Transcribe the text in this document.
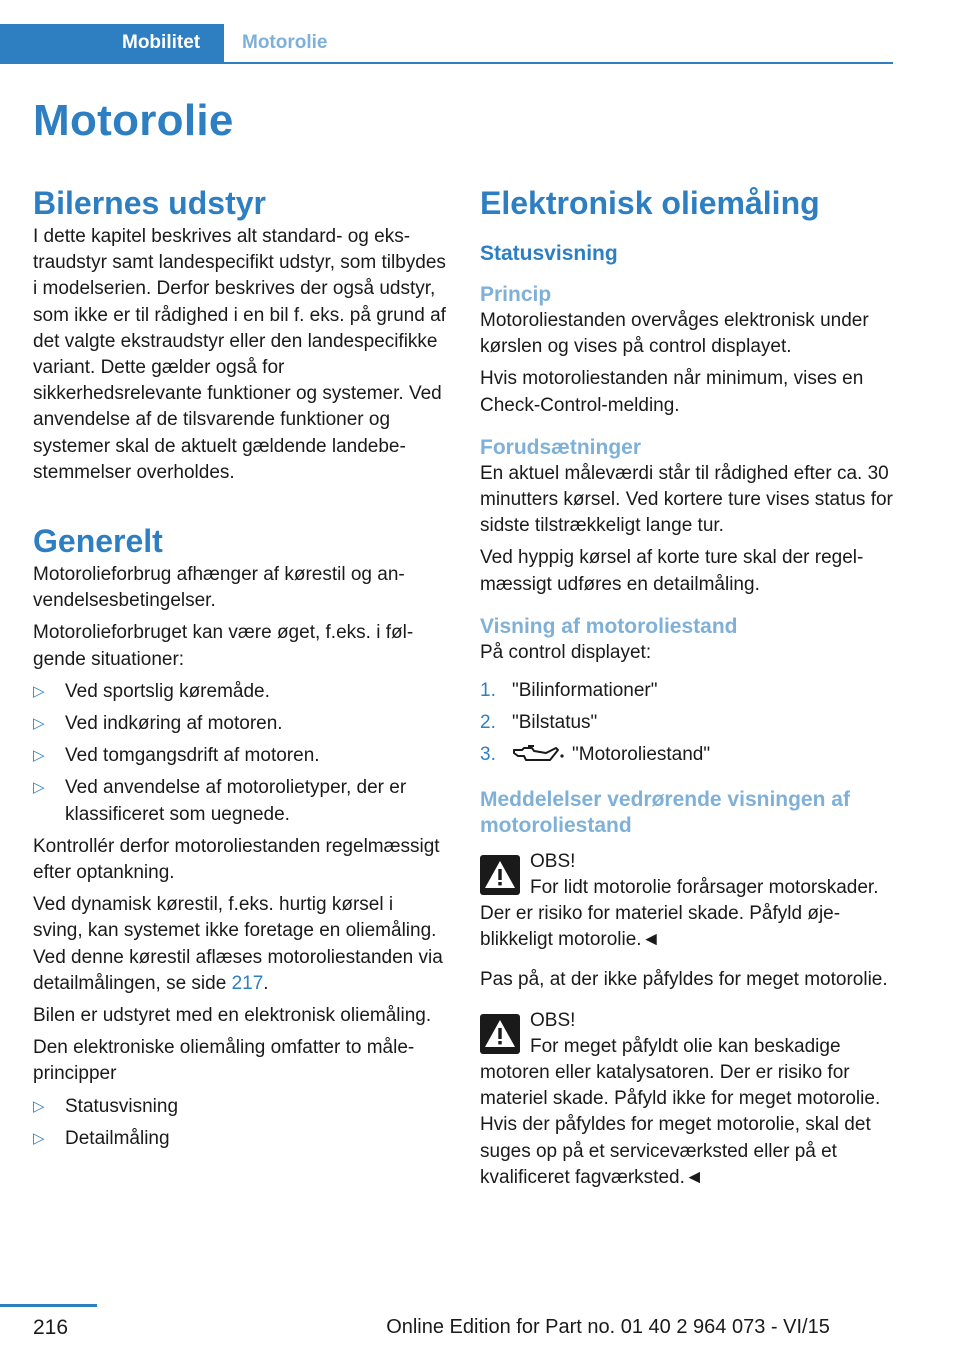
Mobilitet Motorolie
Motorolie
Bilernes udstyr

I dette kapitel beskrives alt standard- og ekstraudstyr samt landespecifikt udstyr, som tilbydes i modelserien. Derfor beskrives der også udstyr, som ikke er til rådighed i en bil f. eks. på grund af det valgte ekstraudstyr eller den landespecifikke variant. Dette gælder også for sikkerhedsrelevante funktioner og systemer. Ved anvendelse af de tilsvarende funktioner og systemer skal de aktuelt gældende landebestemmelser overholdes.

Generelt

Motorolieforbrug afhænger af kørestil og anvendelsesbetingelser.

Motorolieforbruget kan være øget, f.eks. i følgende situationer:

▷ Ved sportslig køremåde.
▷ Ved indkøring af motoren.
▷ Ved tomgangsdrift af motoren.
▷ Ved anvendelse af motorolietyper, der er klassificeret som uegnede.

Kontrollér derfor motoroliestanden regelmæssigt efter optankning.

Ved dynamisk kørestil, f.eks. hurtig kørsel i sving, kan systemet ikke foretage en oliemåling. Ved denne kørestil aflæses motoroliestanden via detailmålingen, se side 217.

Bilen er udstyret med en elektronisk oliemåling.

Den elektroniske oliemåling omfatter to måleprincipper

▷ Statusvisning
▷ Detailmåling
Elektronisk oliemåling
Statusvisning
Princip

Motoroliestanden overvåges elektronisk under kørslen og vises på control displayet.

Hvis motoroliestanden når minimum, vises en Check-Control-melding.

Forudsætninger

En aktuel måleværdi står til rådighed efter ca. 30 minutters kørsel. Ved kortere ture vises status for sidste tilstrækkeligt lange tur.

Ved hyppig kørsel af korte ture skal der regelmæssigt udføres en detailmåling.

Visning af motoroliestand

På control displayet:

1. "Bilinformationer"
2. "Bilstatus"
3.	"Motoroliestand"
Meddelelser vedrørende visningen af motoroliestand
OBS!
For lidt motorolie forårsager motorskader. Der er risiko for materiel skade. Påfyld øjeblikkeligt motorolie.◄

Pas på, at der ikke påfyldes for meget motorolie.

OBS!
For meget påfyldt olie kan beskadige motoren eller katalysatoren. Der er risiko for materiel skade. Påfyld ikke for meget motorolie. Hvis der påfyldes for meget motorolie, skal det suges op på et serviceværksted eller på et kvalificeret fagværksted.◄
216	Online Edition for Part no. 01 40 2 964 073 - VI/15
